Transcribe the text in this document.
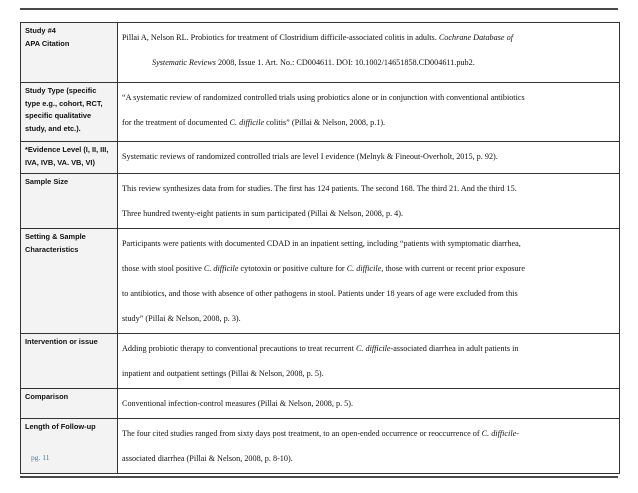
Study #4
APA Citation	Pillai A, Nelson RL. Probiotics for treatment of Clostridium difficile-associated colitis in adults. Cochrane Database of
Systematic Reviews 2008, Issue 1. Art. No.: CD004611. DOI: 10.1002/14651858.CD004611.pub2.

Study Type (specific type e.g., cohort, RCT, specific qualitative study, and etc.).	“A systematic review of randomized controlled trials using probiotics alone or in conjunction with conventional antibiotics
for the treatment of documented C. difficile colitis” (Pillai & Nelson, 2008, p.1).
*Evidence Level (I, II, III, IVA, IVB, VA. VB, VI)	Systematic reviews of randomized controlled trials are level I evidence (Melnyk & Fineout-Overholt, 2015, p. 92).
Sample Size	This review synthesizes data from for studies. The first has 124 patients. The second 168. The third 21. And the third 15.
Three hundred twenty-eight patients in sum participated (Pillai & Nelson, 2008, p. 4).
Setting & Sample Characteristics	Participants were patients with documented CDAD in an inpatient setting, including “patients with symptomatic diarrhea,
those with stool positive C. difficile cytotoxin or positive culture for C. difficile, those with current or recent prior exposure
to antibiotics, and those with absence of other pathogens in stool. Patients under 18 years of age were excluded from this
study” (Pillai & Nelson, 2008, p. 3).
Intervention or issue	Adding probiotic therapy to conventional precautions to treat recurrent C. difficile-associated diarrhea in adult patients in
inpatient and outpatient settings (Pillai & Nelson, 2008, p. 5).
Comparison	Conventional infection-control measures (Pillai & Nelson, 2008, p. 5).
Length of Follow-up	The four cited studies ranged from sixty days post treatment, to an open-ended occurrence or reoccurrence of C. difficile-
associated diarrhea (Pillai & Nelson, 2008, p. 8-10).
pg. 11
